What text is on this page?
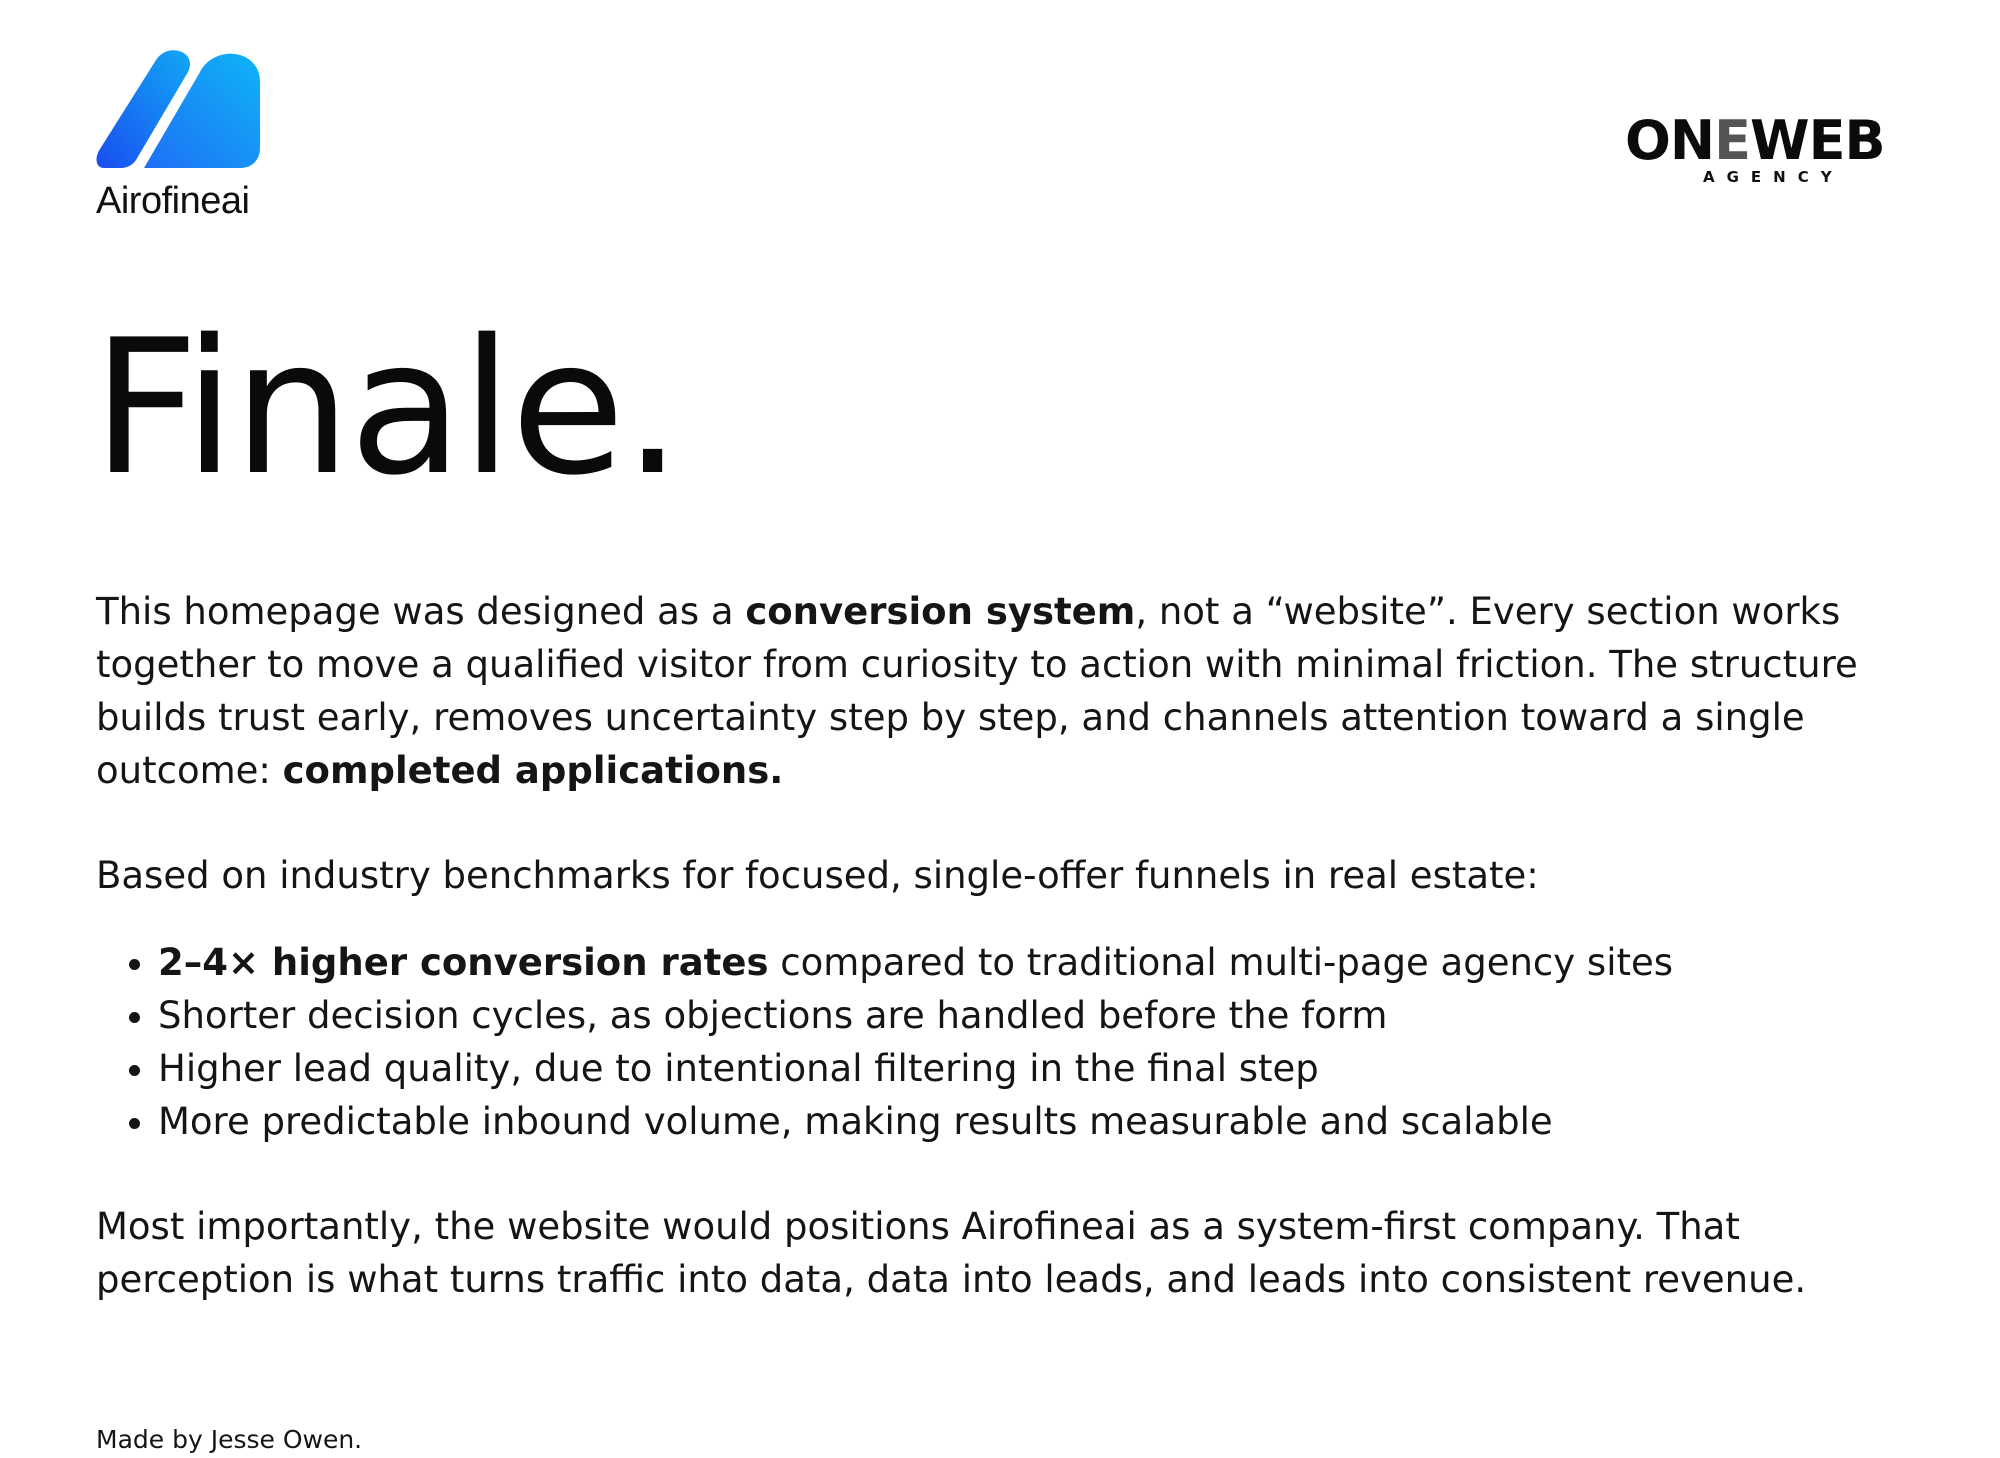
Airofineai
ONEWEB
AGENCY
Finale.

This homepage was designed as a conversion system, not a “website”. Every section works together to move a qualified visitor from curiosity to action with minimal friction. The structure builds trust early, removes uncertainty step by step, and channels attention toward a single outcome: completed applications.

Based on industry benchmarks for focused, single-offer funnels in real estate:

• 2–4× higher conversion rates compared to traditional multi-page agency sites
• Shorter decision cycles, as objections are handled before the form
• Higher lead quality, due to intentional filtering in the final step
• More predictable inbound volume, making results measurable and scalable

Most importantly, the website would positions Airofineai as a system-first company. That perception is what turns traffic into data, data into leads, and leads into consistent revenue.

Made by Jesse Owen.
